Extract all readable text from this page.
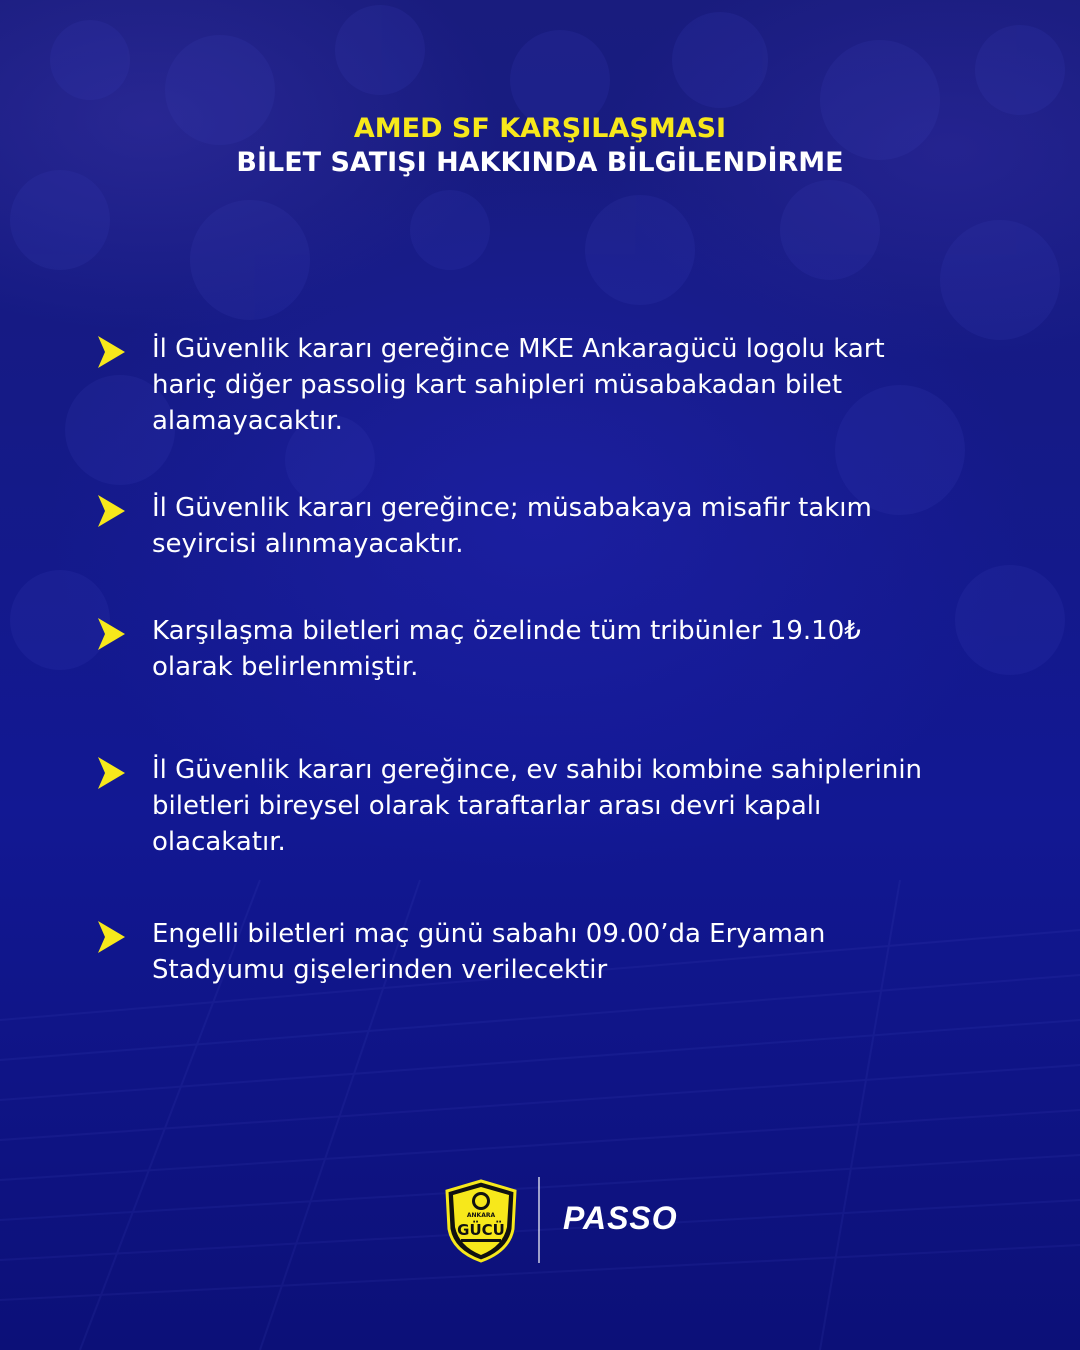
AMED SF KARŞILAŞMASI
BİLET SATIŞI HAKKINDA BİLGİLENDİRME
İl Güvenlik kararı gereğince MKE Ankaragücü logolu kart
hariç diğer passolig kart sahipleri müsabakadan bilet
alamayacaktır.
İl Güvenlik kararı gereğince; müsabakaya misafir takım
seyircisi alınmayacaktır.
Karşılaşma biletleri maç özelinde tüm tribünler 19.10₺
olarak belirlenmiştir.
İl Güvenlik kararı gereğince, ev sahibi kombine sahiplerinin
biletleri bireysel olarak taraftarlar arası devri kapalı
olacakatır.
Engelli biletleri maç günü sabahı 09.00’da Eryaman
Stadyumu gişelerinden verilecektir
ANKARA
GÜCÜ PASSO
